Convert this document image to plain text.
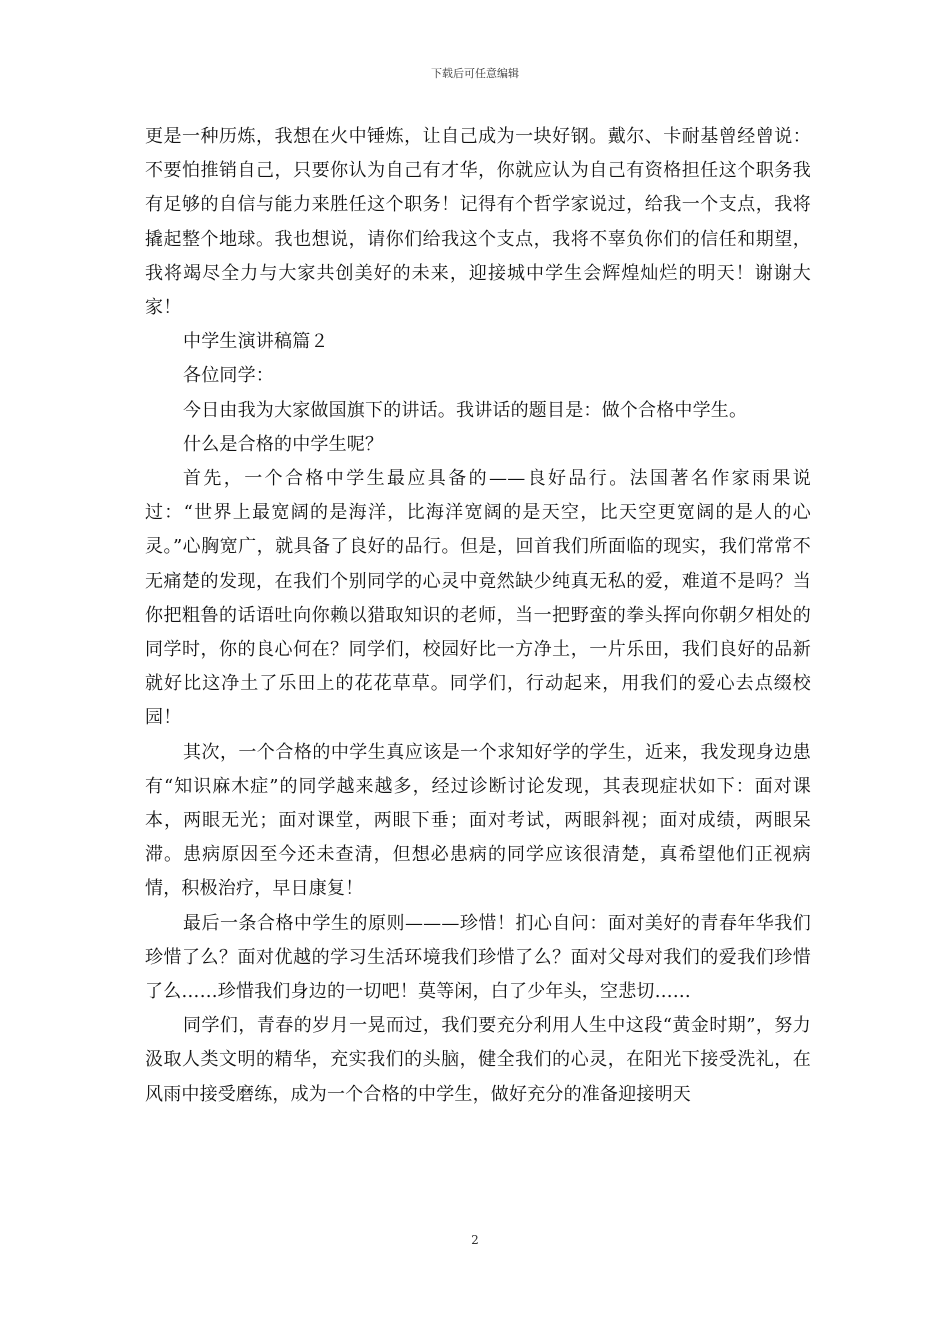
下载后可任意编辑

更是一种历炼，我想在火中锤炼，让自己成为一块好钢。戴尔、卡耐基曾经曾说：不要怕推销自己，只要你认为自己有才华，你就应认为自己有资格担任这个职务我有足够的自信与能力来胜任这个职务！记得有个哲学家说过，给我一个支点，我将撬起整个地球。我也想说，请你们给我这个支点，我将不辜负你们的信任和期望，我将竭尽全力与大家共创美好的未来，迎接城中学生会辉煌灿烂的明天！谢谢大家！

中学生演讲稿篇２

各位同学：

今日由我为大家做国旗下的讲话。我讲话的题目是：做个合格中学生。

什么是合格的中学生呢？

首先，一个合格中学生最应具备的——良好品行。法国著名作家雨果说过：“世界上最宽阔的是海洋，比海洋宽阔的是天空，比天空更宽阔的是人的心灵。”心胸宽广，就具备了良好的品行。但是，回首我们所面临的现实，我们常常不无痛楚的发现，在我们个别同学的心灵中竟然缺少纯真无私的爱，难道不是吗？当你把粗鲁的话语吐向你赖以猎取知识的老师，当一把野蛮的拳头挥向你朝夕相处的同学时，你的良心何在？同学们，校园好比一方净土，一片乐田，我们良好的品新就好比这净土了乐田上的花花草草。同学们，行动起来，用我们的爱心去点缀校园！

其次，一个合格的中学生真应该是一个求知好学的学生，近来，我发现身边患有“知识麻木症”的同学越来越多，经过诊断讨论发现，其表现症状如下：面对课本，两眼无光；面对课堂，两眼下垂；面对考试，两眼斜视；面对成绩，两眼呆滞。患病原因至今还未查清，但想必患病的同学应该很清楚，真希望他们正视病情，积极治疗，早日康复！

最后一条合格中学生的原则———珍惜！扪心自问：面对美好的青春年华我们珍惜了么？面对优越的学习生活环境我们珍惜了么？面对父母对我们的爱我们珍惜了么……珍惜我们身边的一切吧！莫等闲，白了少年头，空悲切……

同学们，青春的岁月一晃而过，我们要充分利用人生中这段“黄金时期”，努力汲取人类文明的精华，充实我们的头脑，健全我们的心灵，在阳光下接受洗礼，在风雨中接受磨练，成为一个合格的中学生，做好充分的准备迎接明天

2
